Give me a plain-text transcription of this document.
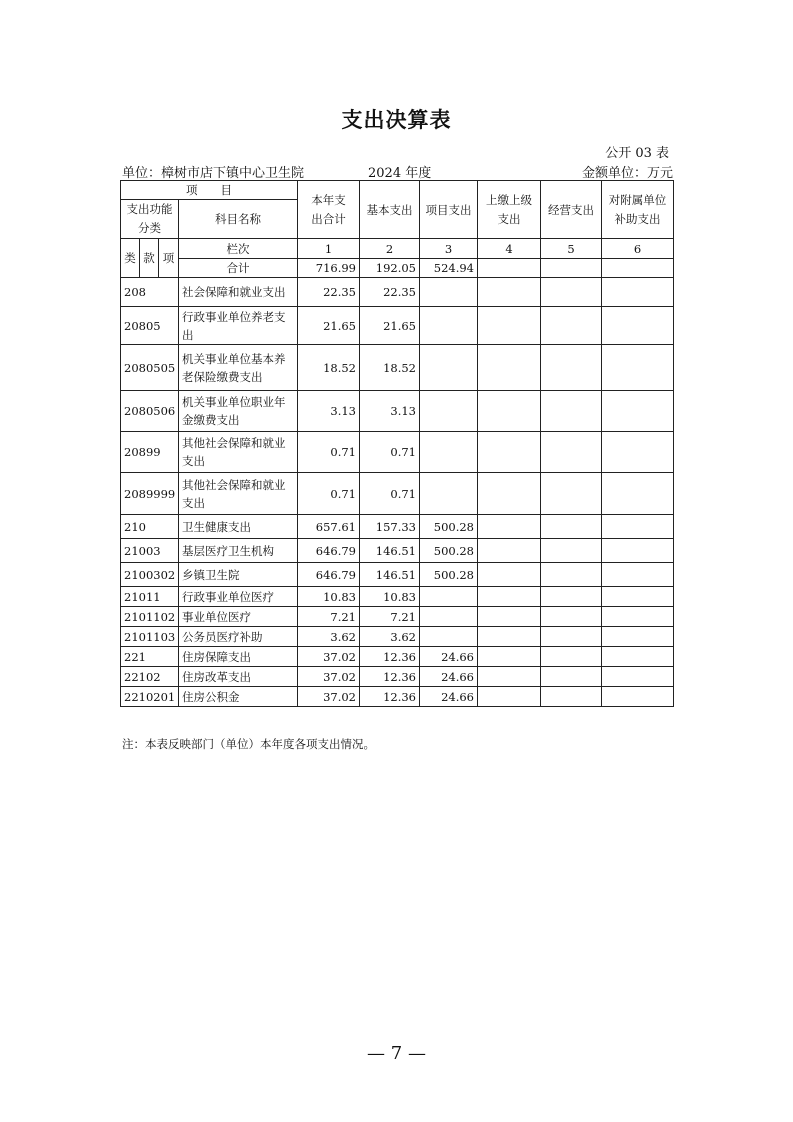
支出决算表
公开 03 表
单位：樟树市店下镇中心卫生院	2024 年度	金额单位：万元
项　　目				本年支出合计	基本支出	项目支出	上缴上级支出	经营支出	对附属单位补助支出
支出功能分类			科目名称						
类	款	项	栏次	1	2	3	4	5	6
			合计	716.99	192.05	524.94			
208			社会保障和就业支出	22.35	22.35				
20805			行政事业单位养老支出	21.65	21.65				
2080505			机关事业单位基本养老保险缴费支出	18.52	18.52				
2080506			机关事业单位职业年金缴费支出	3.13	3.13				
20899			其他社会保障和就业支出	0.71	0.71				
2089999			其他社会保障和就业支出	0.71	0.71				
210			卫生健康支出	657.61	157.33	500.28			
21003			基层医疗卫生机构	646.79	146.51	500.28			
2100302			乡镇卫生院	646.79	146.51	500.28			
21011			行政事业单位医疗	10.83	10.83				
2101102			事业单位医疗	7.21	7.21				
2101103			公务员医疗补助	3.62	3.62				
221			住房保障支出	37.02	12.36	24.66			
22102			住房改革支出	37.02	12.36	24.66			
2210201			住房公积金	37.02	12.36	24.66			
注：本表反映部门（单位）本年度各项支出情况。
— 7 —
